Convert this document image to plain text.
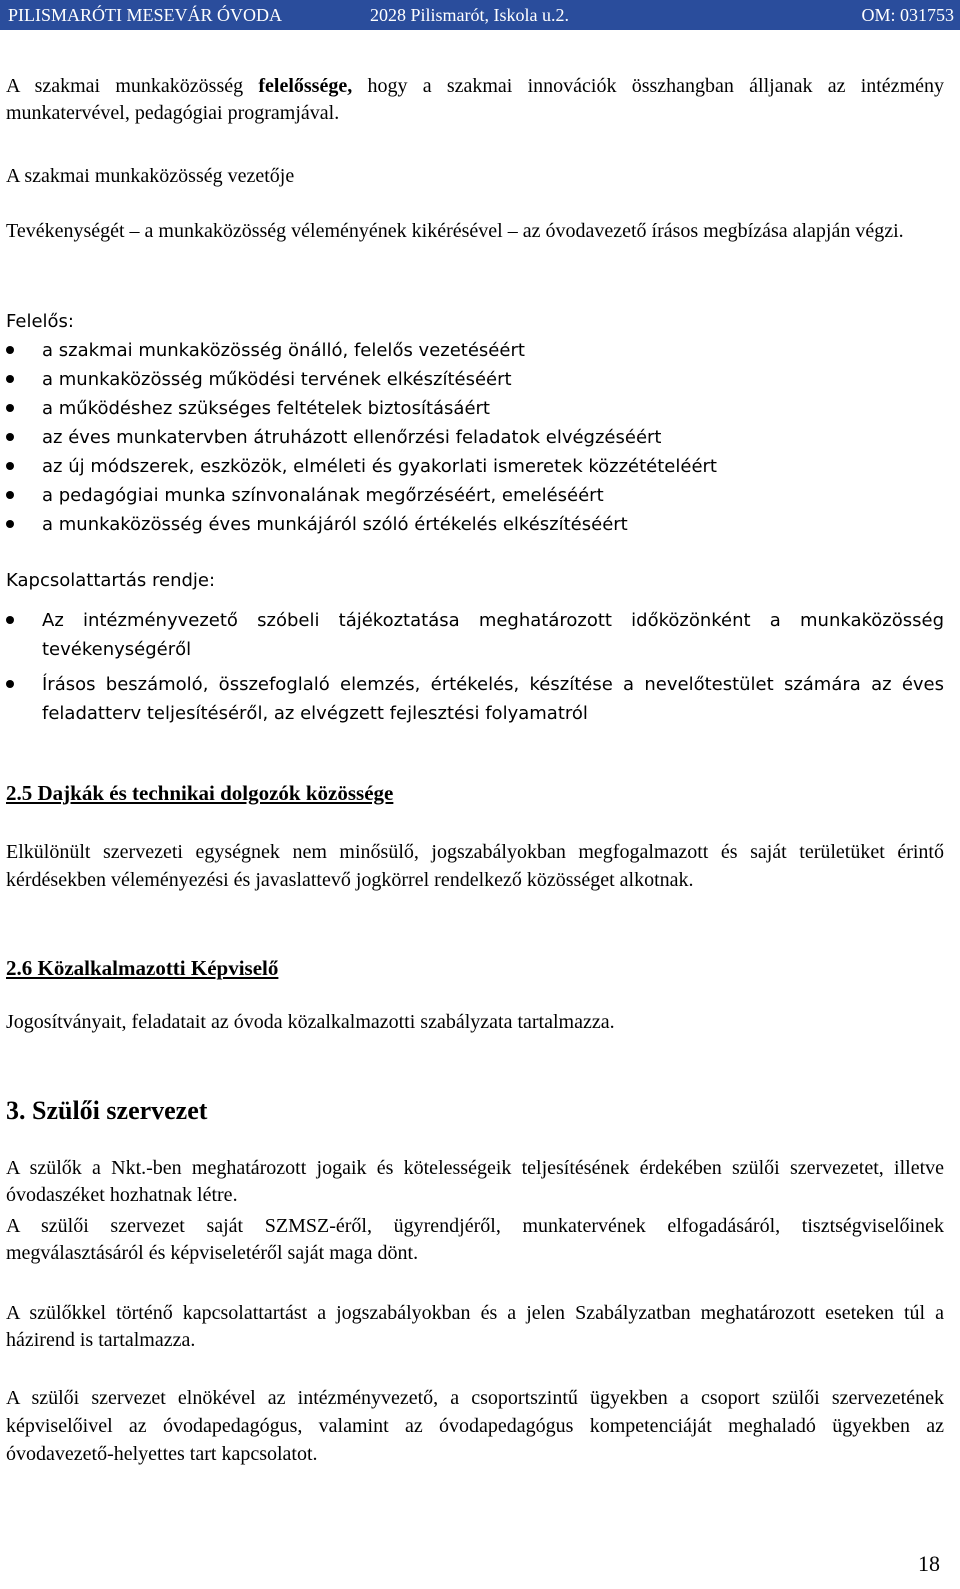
PILISMARÓTI MESEVÁR ÓVODA	2028 Pilismarót, Iskola u.2.	OM: 031753

A szakmai munkaközösség felelőssége, hogy a szakmai innovációk összhangban álljanak az intézmény munkatervével, pedagógiai programjával.

A szakmai munkaközösség vezetője

Tevékenységét – a munkaközösség véleményének kikérésével – az óvodavezető írásos megbízása alapján végzi.

Felelős:

a szakmai munkaközösség önálló, felelős vezetéséért
a munkaközösség működési tervének elkészítéséért
a működéshez szükséges feltételek biztosításáért
az éves munkatervben átruházott ellenőrzési feladatok elvégzéséért
az új módszerek, eszközök, elméleti és gyakorlati ismeretek közzétételéért
a pedagógiai munka színvonalának megőrzéséért, emeléséért
a munkaközösség éves munkájáról szóló értékelés elkészítéséért

Kapcsolattartás rendje:

Az intézményvezető szóbeli tájékoztatása meghatározott időközönként a munkaközösség tevékenységéről
Írásos beszámoló, összefoglaló elemzés, értékelés, készítése a nevelőtestület számára az éves feladatterv teljesítéséről, az elvégzett fejlesztési folyamatról

2.5 Dajkák és technikai dolgozók közössége

Elkülönült szervezeti egységnek nem minősülő, jogszabályokban megfogalmazott és saját területüket érintő kérdésekben véleményezési és javaslattevő jogkörrel rendelkező közösséget alkotnak.

2.6 Közalkalmazotti Képviselő

Jogosítványait, feladatait az óvoda közalkalmazotti szabályzata tartalmazza.

3. Szülői szervezet

A szülők a Nkt.-ben meghatározott jogaik és kötelességeik teljesítésének érdekében szülői szervezetet, illetve óvodaszéket hozhatnak létre.

A szülői szervezet saját SZMSZ-éről, ügyrendjéről, munkatervének elfogadásáról, tisztségviselőinek megválasztásáról és képviseletéről saját maga dönt.

A szülőkkel történő kapcsolattartást a jogszabályokban és a jelen Szabályzatban meghatározott eseteken túl a házirend is tartalmazza.

A szülői szervezet elnökével az intézményvezető, a csoportszintű ügyekben a csoport szülői szervezetének képviselőivel az óvodapedagógus, valamint az óvodapedagógus kompetenciáját meghaladó ügyekben az óvodavezető-helyettes tart kapcsolatot.

18
